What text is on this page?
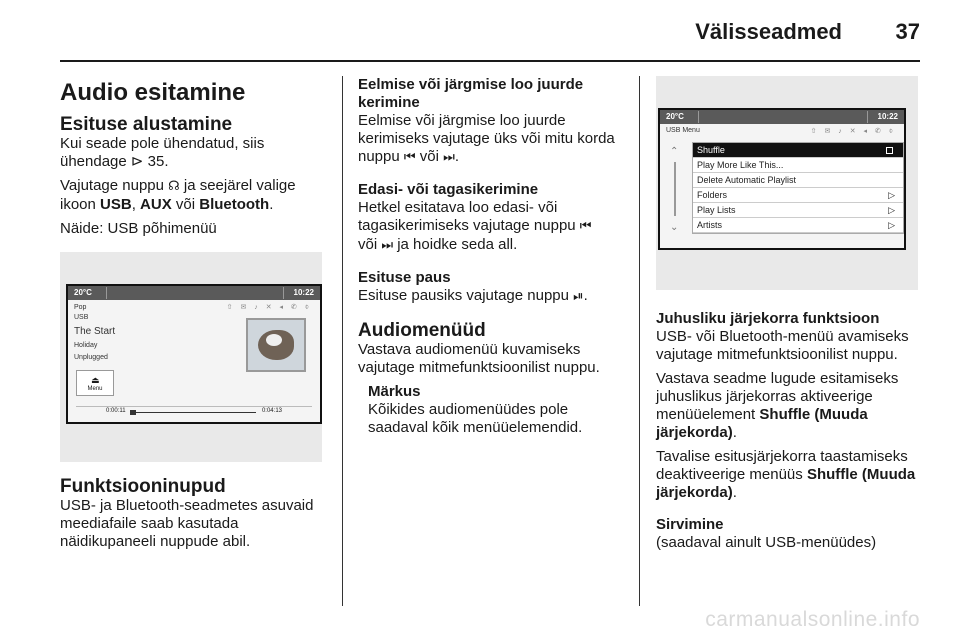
Välisseadmed 37
Audio esitamine
Esituse alustamine

Kui seade pole ühendatud, siis ühendage ⊳ 35.

Vajutage nuppu ☊ ja seejärel valige ikoon USB, AUX või Bluetooth.

Näide: USB põhimenüü

20°C	10:22
⇧ ✉ ♪ ✕ ◂ ✆ ⌽
Pop
USB
The Start
Holiday
Unplugged
⏏
Menu
0:00:11	0:04:13
Funktsiooninupud

USB- ja Bluetooth-seadmetes asuvaid meediafaile saab kasutada näidikupaneeli nuppude abil.

Eelmise või järgmise loo juurde kerimine

Eelmise või järgmise loo juurde kerimiseks vajutage üks või mitu korda nuppu ⏮ või ⏭.

Edasi- või tagasikerimine

Hetkel esitatava loo edasi- või tagasikerimiseks vajutage nuppu ⏮
või ⏭ ja hoidke seda all.

Esituse paus

Esituse pausiks vajutage nuppu ⏯.

Audiomenüüd

Vastava audiomenüü kuvamiseks vajutage mitmefunktsioonilist nuppu.

Märkus

Kõikides audiomenüüdes pole saadaval kõik menüüelemendid.

20°C	10:22
USB Menu	⇧ ✉ ♪ ✕ ◂ ✆ ⌽
⌃
⌄
Shuffle
Play More Like This...
Delete Automatic Playlist
Folders	▷
Play Lists	▷
Artists	▷
Juhusliku järjekorra funktsioon

USB- või Bluetooth-menüü avamiseks vajutage mitmefunktsioonilist nuppu.

Vastava seadme lugude esitamiseks juhuslikus järjekorras aktiveerige menüüelement Shuffle (Muuda järjekorda).

Tavalise esitusjärjekorra taastamiseks deaktiveerige menüüs Shuffle (Muuda järjekorda).

Sirvimine

(saadaval ainult USB-menüüdes)

carmanualsonline.info
